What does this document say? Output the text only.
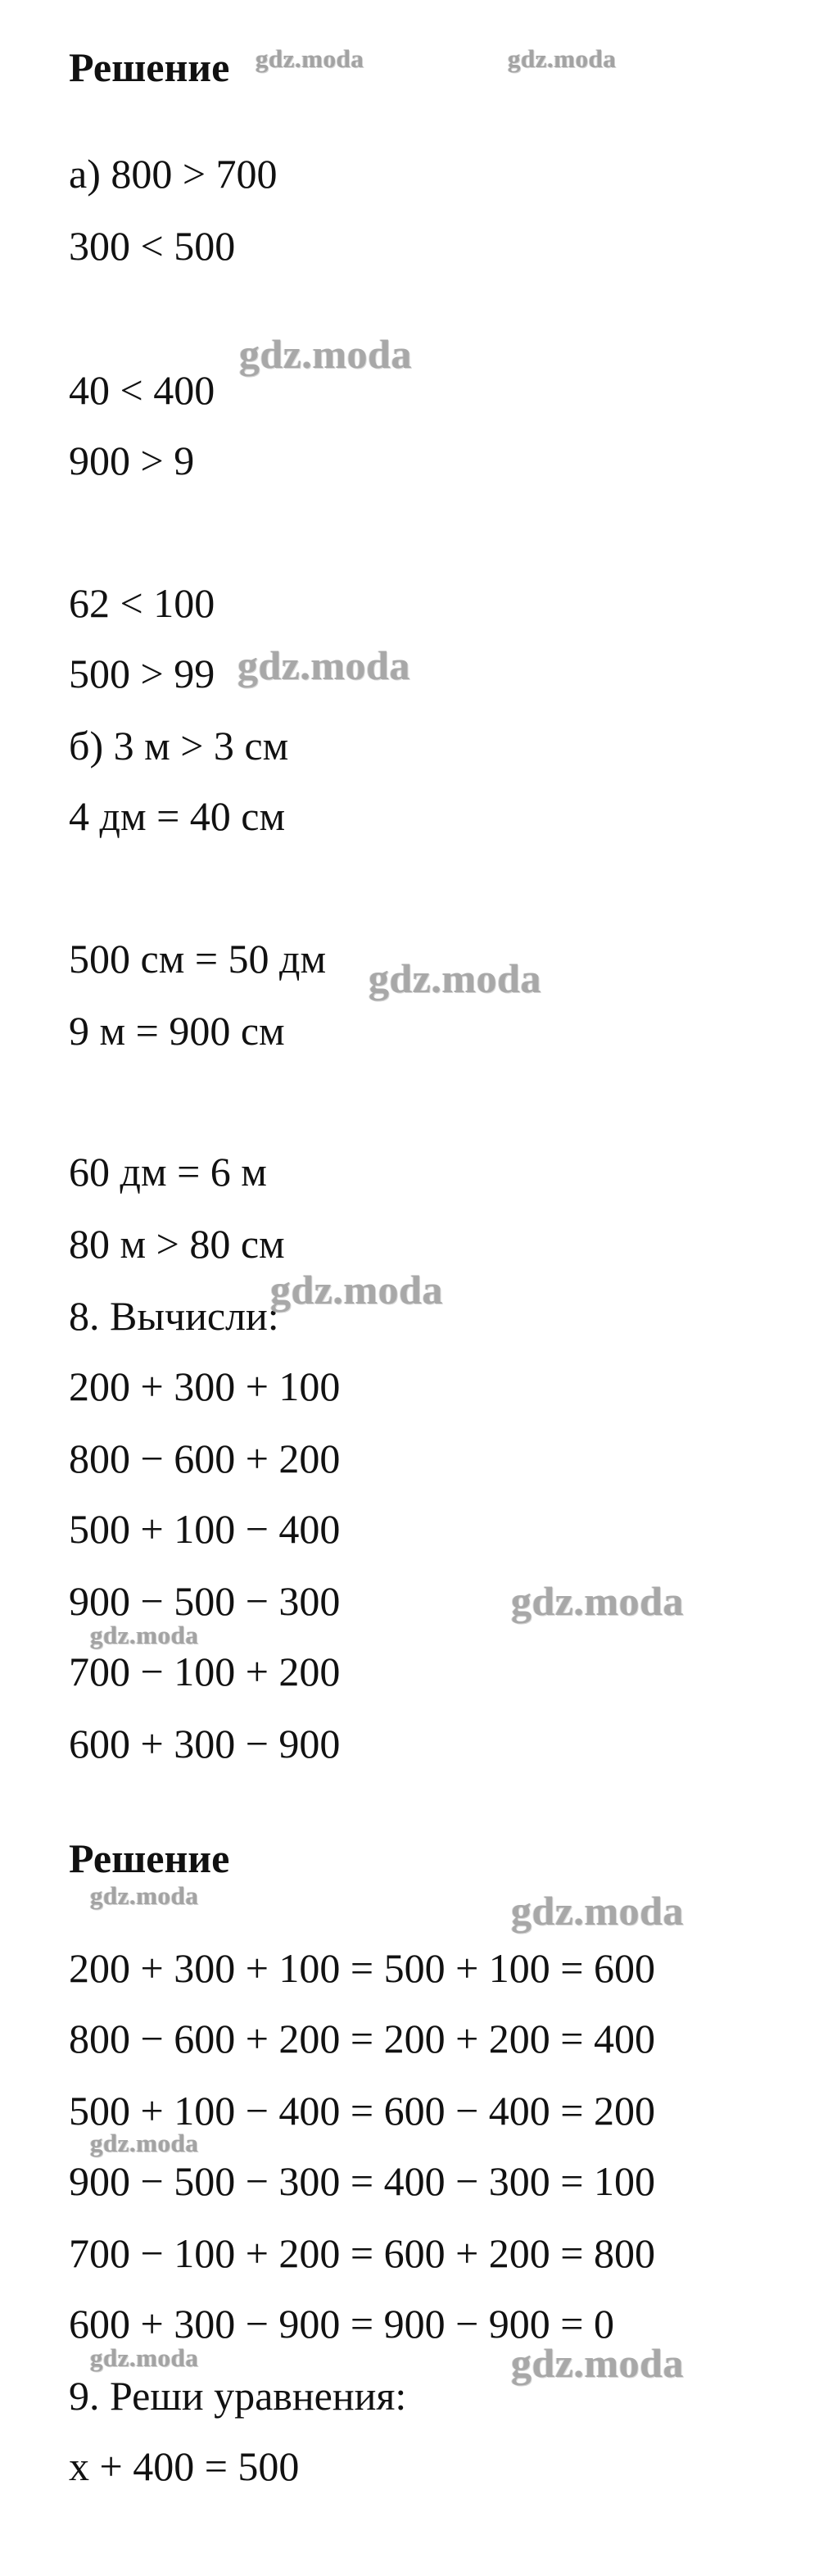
Решение

а) 800 > 700

300 < 500

40 < 400

900 > 9

62 < 100

500 > 99

б) 3 м > 3 см

4 дм = 40 см

500 см = 50 дм

9 м = 900 см

60 дм = 6 м

80 м > 80 см

8. Вычисли:

200 + 300 + 100

800 − 600 + 200

500 + 100 − 400

900 − 500 − 300

700 − 100 + 200

600 + 300 − 900

Решение

200 + 300 + 100 = 500 + 100 = 600

800 − 600 + 200 = 200 + 200 = 400

500 + 100 − 400 = 600 − 400 = 200

900 − 500 − 300 = 400 − 300 = 100

700 − 100 + 200 = 600 + 200 = 800

600 + 300 − 900 = 900 − 900 = 0

9. Реши уравнения:

x + 400 = 500

gdz.moda	gdz.moda

gdz.moda

gdz.moda

gdz.moda

gdz.moda

gdz.moda

gdz.moda

gdz.moda	gdz.moda

gdz.moda

gdz.moda	gdz.moda
